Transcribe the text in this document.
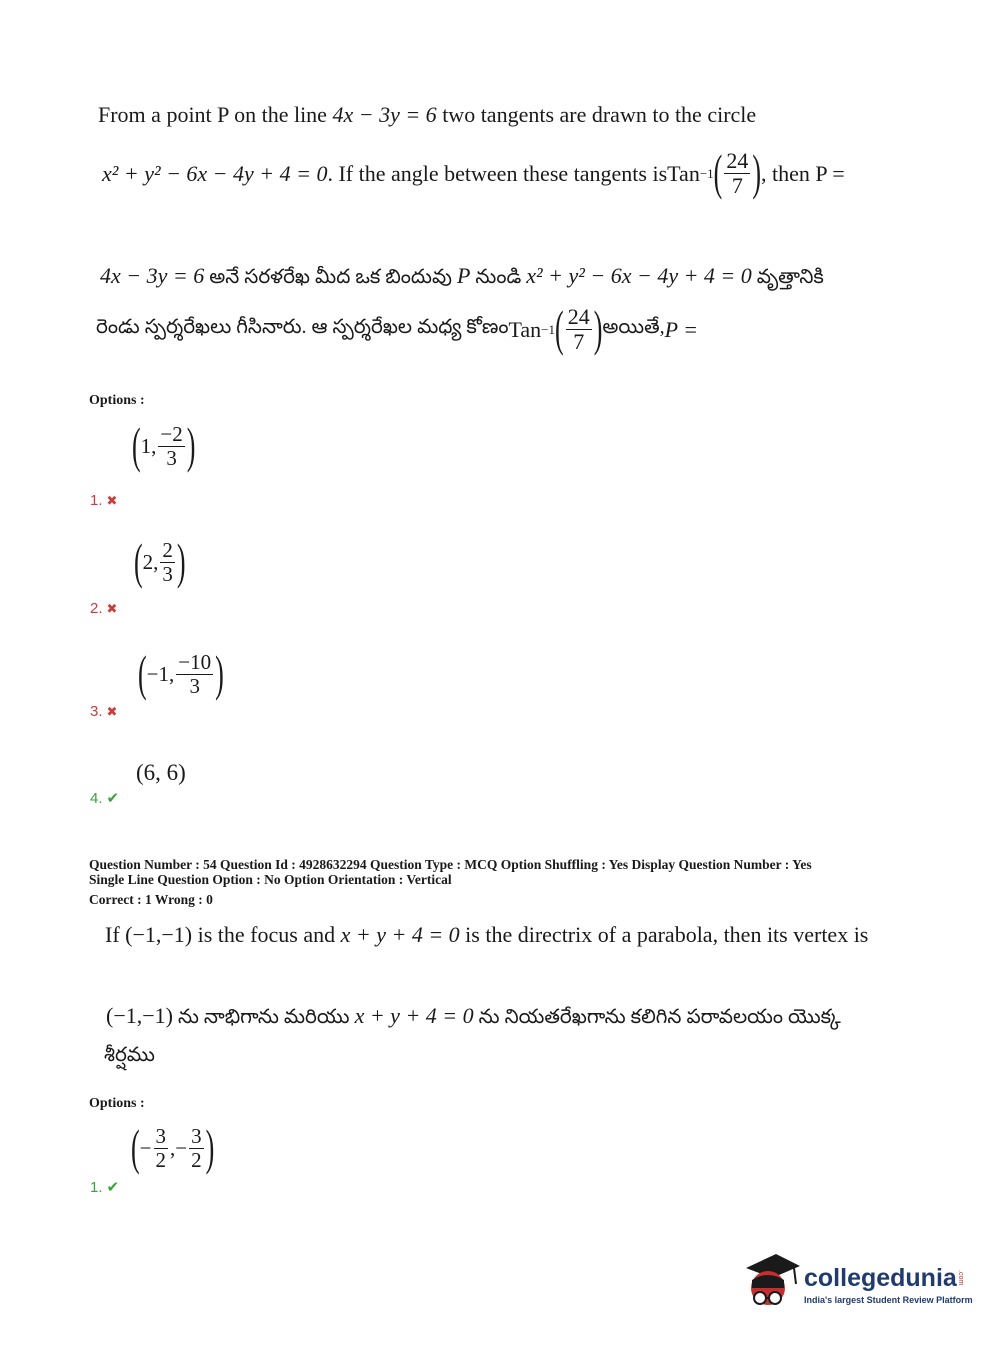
From a point P on the line 4x − 3y = 6 two tangents are drawn to the circle
x² + y² − 6x − 4y + 4 = 0 . If the angle between these tangents is Tan −1 ( $\frac{24}{7}$ ) , then P =
4x − 3y = 6 అనే సరళరేఖ మీద ఒక బిందువు P నుండి x² + y² − 6x − 4y + 4 = 0 వృత్తానికి
రెండు స్పర్శరేఖలు గీసినారు. ఆ స్పర్శరేఖల మధ్య కోణం Tan −1 ( $\frac{24}{7}$ ) అయితే, P =
Options :
( 1, $\frac{-2}{3}$ )
1. ✖
( 2, $\frac{2}{3}$ )
2. ✖
( −1, $\frac{-10}{3}$ )
3. ✖
(6, 6)
4. ✔
Question Number : 54 Question Id : 4928632294 Question Type : MCQ Option Shuffling : Yes Display Question Number : Yes
Single Line Question Option : No Option Orientation : Vertical
Correct : 1 Wrong : 0
If (−1,−1) is the focus and x + y + 4 = 0 is the directrix of a parabola, then its vertex is
(−1,−1) ను నాభిగాను మరియు x + y + 4 = 0 ను నియతరేఖగాను కలిగిన పరావలయం యొక్క
శీర్షము
Options :
( − $\frac{3}{2}$ ,− $\frac{3}{2}$ )
1. ✔
collegedunia .com
India's largest Student Review Platform
